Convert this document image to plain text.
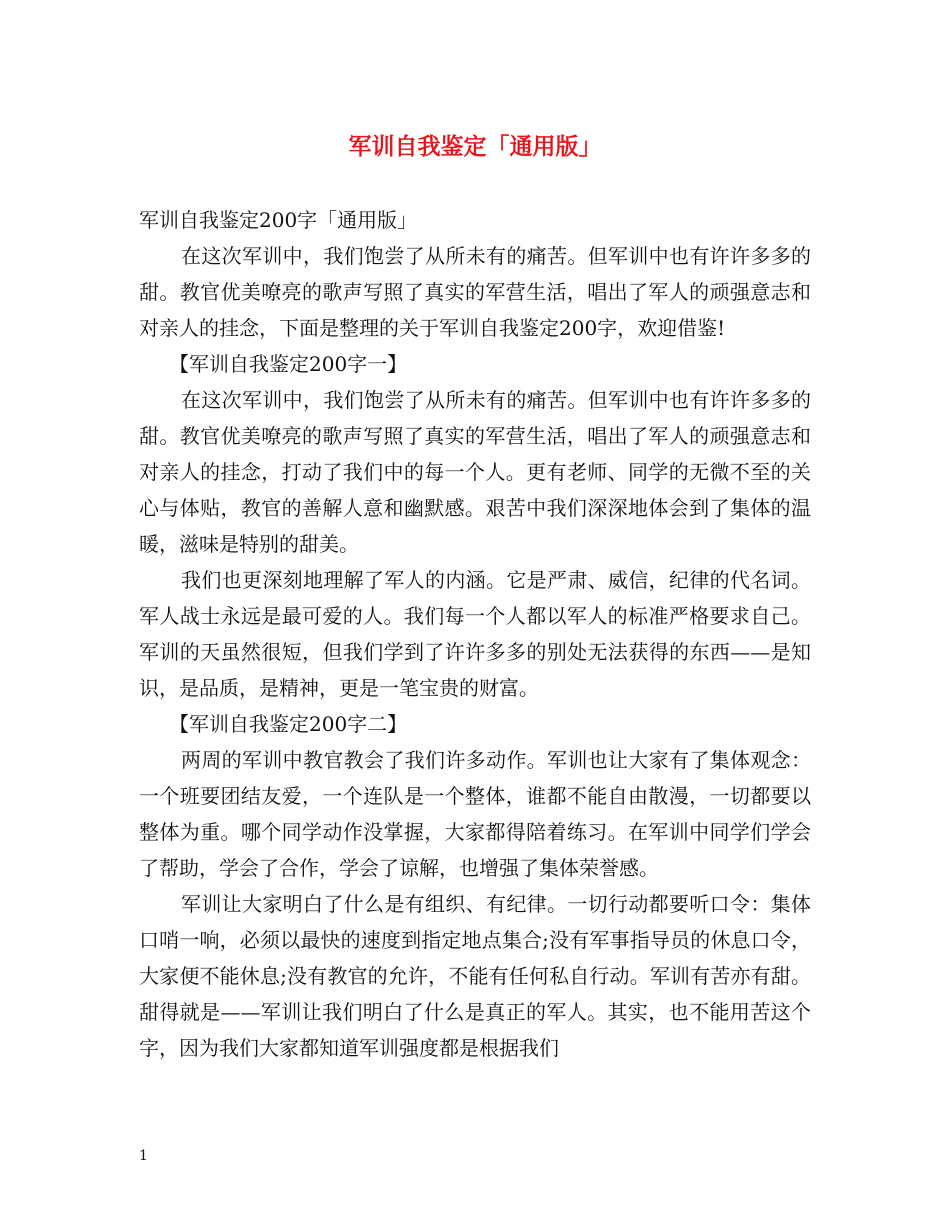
军训自我鉴定「通用版」

军训自我鉴定200字「通用版」

在这次军训中，我们饱尝了从所未有的痛苦。但军训中也有许许多多的甜。教官优美嘹亮的歌声写照了真实的军营生活，唱出了军人的顽强意志和对亲人的挂念，下面是整理的关于军训自我鉴定200字，欢迎借鉴!

【军训自我鉴定200字一】

在这次军训中，我们饱尝了从所未有的痛苦。但军训中也有许许多多的甜。教官优美嘹亮的歌声写照了真实的军营生活，唱出了军人的顽强意志和对亲人的挂念，打动了我们中的每一个人。更有老师、同学的无微不至的关心与体贴，教官的善解人意和幽默感。艰苦中我们深深地体会到了集体的温暖，滋味是特别的甜美。

我们也更深刻地理解了军人的内涵。它是严肃、威信，纪律的代名词。军人战士永远是最可爱的人。我们每一个人都以军人的标准严格要求自己。军训的天虽然很短，但我们学到了许许多多的别处无法获得的东西——是知识，是品质，是精神，更是一笔宝贵的财富。

【军训自我鉴定200字二】

两周的军训中教官教会了我们许多动作。军训也让大家有了集体观念：一个班要团结友爱，一个连队是一个整体，谁都不能自由散漫，一切都要以整体为重。哪个同学动作没掌握，大家都得陪着练习。在军训中同学们学会了帮助，学会了合作，学会了谅解，也增强了集体荣誉感。

军训让大家明白了什么是有组织、有纪律。一切行动都要听口令：集体口哨一响，必须以最快的速度到指定地点集合;没有军事指导员的休息口令，大家便不能休息;没有教官的允许，不能有任何私自行动。军训有苦亦有甜。甜得就是——军训让我们明白了什么是真正的军人。其实，也不能用苦这个字，因为我们大家都知道军训强度都是根据我们

1
